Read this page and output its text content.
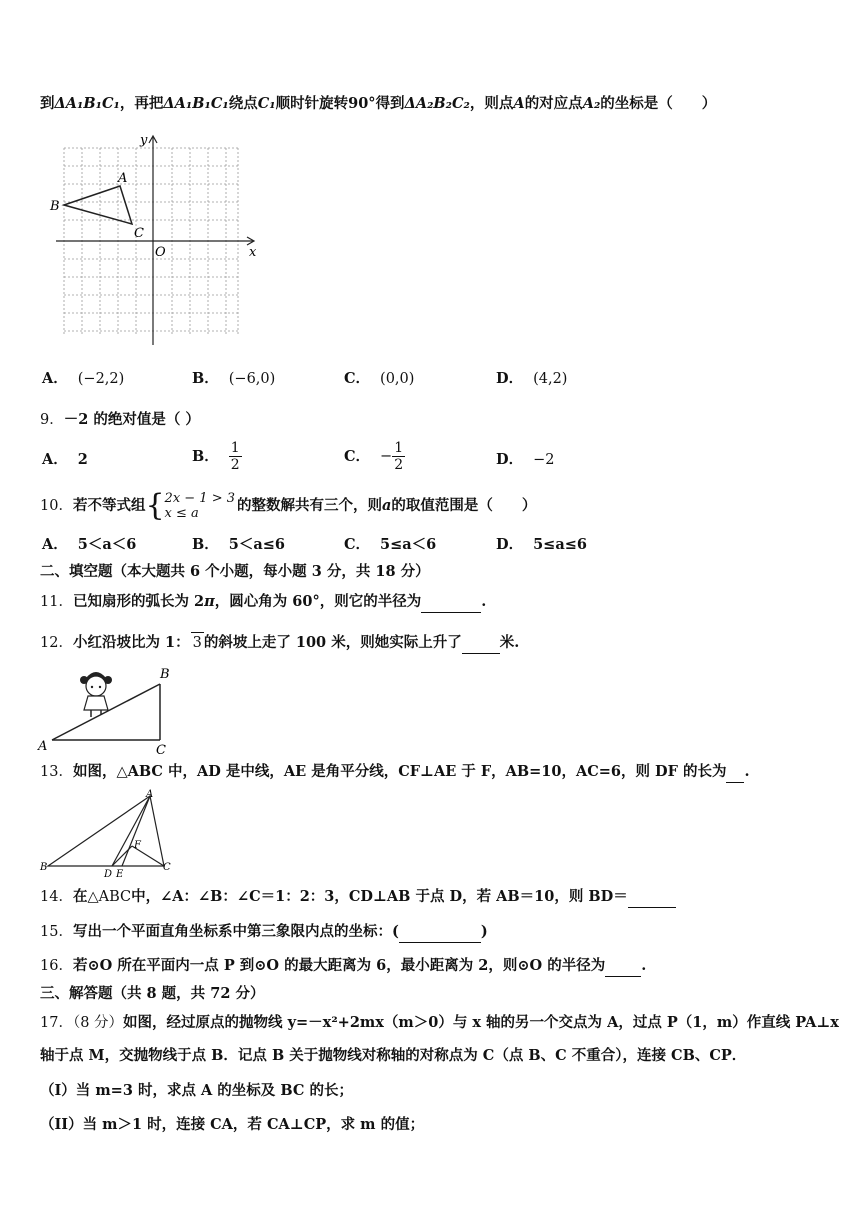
到ΔA₁B₁C₁，再把ΔA₁B₁C₁绕点C₁顺时针旋转90°得到ΔA₂B₂C₂，则点A的对应点A₂的坐标是（　　）
y
x
O
A
B
C
A． (−2,2)	B． (−6,0)	C． (0,0)	D． (4,2)
9．－2 的绝对值是（ ）
A． 2	B． $\frac{1}{2}$	C． − $\frac{1}{2}$	D． −2
10．若不等式组{ 2x − 1 > 3
x ≤ a	的整数解共有三个，则a的取值范围是（　　）
A． 5＜a＜6	B． 5＜a≤6	C． 5≤a＜6	D． 5≤a≤6
二、填空题（本大题共 6 个小题，每小题 3 分，共 18 分）
11．已知扇形的弧长为 2π，圆心角为 60°，则它的半径为	.
12．小红沿坡比为 1： 3 的斜坡上走了 100 米，则她实际上升了	米.
A
B
C
13．如图，△ABC 中，AD 是中线，AE 是角平分线，CF⊥AE 于 F，AB=10，AC=6，则 DF 的长为 .
A
B	C
D E
F
14．在△ABC中，∠A：∠B：∠C＝1：2：3，CD⊥AB 于点 D，若 AB＝10，则 BD＝
15．写出一个平面直角坐标系中第三象限内点的坐标：(	)
16．若⊙O 所在平面内一点 P 到⊙O 的最大距离为 6，最小距离为 2，则⊙O 的半径为 .
三、解答题（共 8 题，共 72 分）
17．（8 分）如图，经过原点的抛物线 y=－x²+2mx（m＞0）与 x 轴的另一个交点为 A，过点 P（1，m）作直线 PA⊥x
轴于点 M，交抛物线于点 B．记点 B 关于抛物线对称轴的对称点为 C（点 B、C 不重合），连接 CB、CP．
（I）当 m=3 时，求点 A 的坐标及 BC 的长；
（II）当 m＞1 时，连接 CA，若 CA⊥CP，求 m 的值；
